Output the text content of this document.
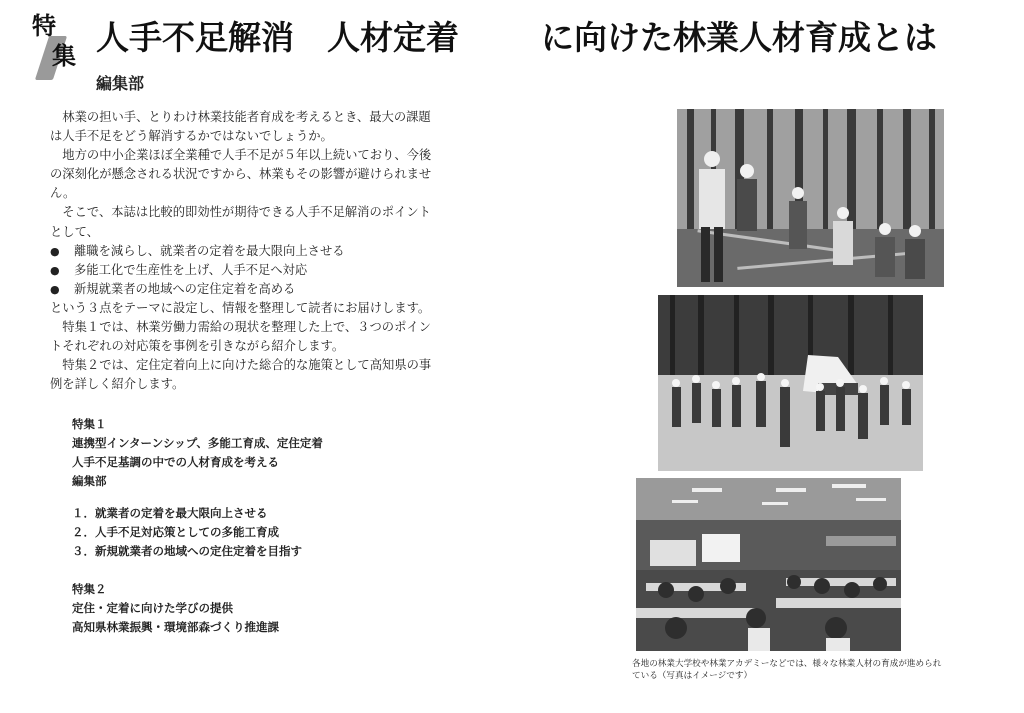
特
集 人手不足解消　人材定着 に向けた林業人材育成とは
編集部
　林業の担い手、とりわけ林業技能者育成を考えるとき、最大の課題
は人手不足をどう解消するかではないでしょうか。
　地方の中小企業ほぼ全業種で人手不足が５年以上続いており、今後
の深刻化が懸念される状況ですから、林業もその影響が避けられませ
ん。
　そこで、本誌は比較的即効性が期待できる人手不足解消のポイント
として、
●	離職を減らし、就業者の定着を最大限向上させる
●	多能工化で生産性を上げ、人手不足へ対応
●	新規就業者の地域への定住定着を高める
という３点をテーマに設定し、情報を整理して読者にお届けします。
　特集１では、林業労働力需給の現状を整理した上で、３つのポイン
トそれぞれの対応策を事例を引きながら紹介します。
　特集２では、定住定着向上に向けた総合的な施策として高知県の事
例を詳しく紹介します。
特集１
連携型インターンシップ、多能工育成、定住定着
人手不足基調の中での人材育成を考える
編集部
１．就業者の定着を最大限向上させる
２．人手不足対応策としての多能工育成
３．新規就業者の地域への定住定着を目指す
特集２
定住・定着に向けた学びの提供
高知県林業振興・環境部森づくり推進課
各地の林業大学校や林業アカデミーなどでは、様々な林業人材の育成が進められ
ている（写真はイメージです）
